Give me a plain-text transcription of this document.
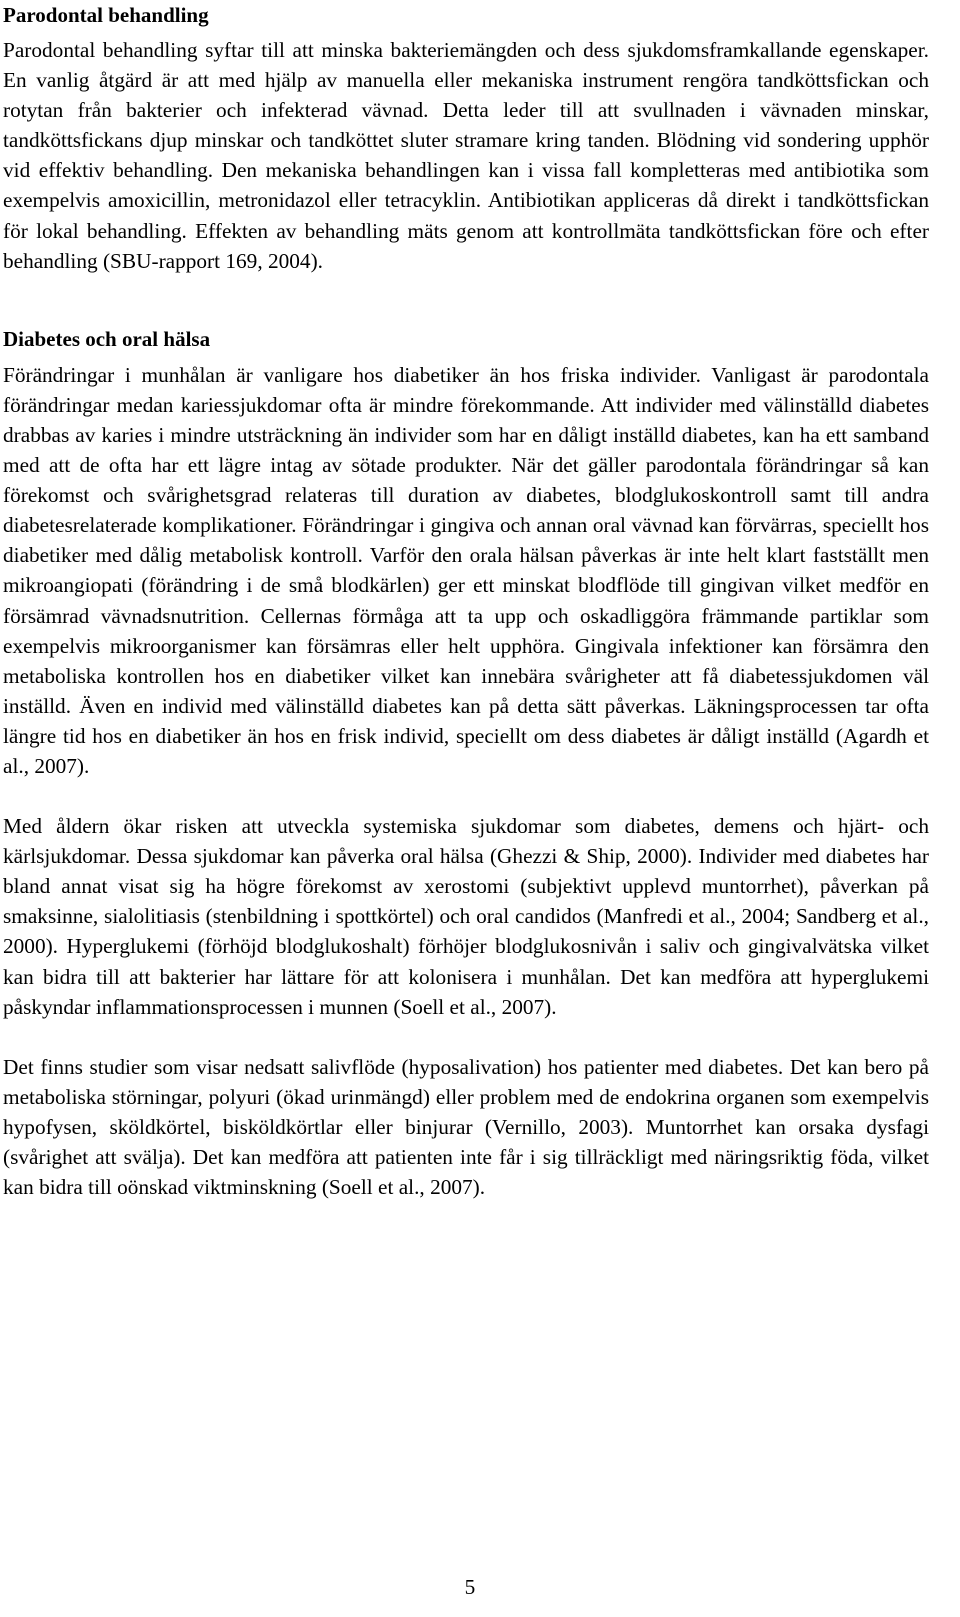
Parodontal behandling

Parodontal behandling syftar till att minska bakteriemängden och dess sjukdomsframkallande egenskaper. En vanlig åtgärd är att med hjälp av manuella eller mekaniska instrument rengöra tandköttsfickan och rotytan från bakterier och infekterad vävnad. Detta leder till att svullnaden i vävnaden minskar, tandköttsfickans djup minskar och tandköttet sluter stramare kring tanden. Blödning vid sondering upphör vid effektiv behandling. Den mekaniska behandlingen kan i vissa fall kompletteras med antibiotika som exempelvis amoxicillin, metronidazol eller tetracyklin. Antibiotikan appliceras då direkt i tandköttsfickan för lokal behandling. Effekten av behandling mäts genom att kontrollmäta tandköttsfickan före och efter behandling (SBU-rapport 169, 2004).

Diabetes och oral hälsa

Förändringar i munhålan är vanligare hos diabetiker än hos friska individer. Vanligast är parodontala förändringar medan kariessjukdomar ofta är mindre förekommande. Att individer med välinställd diabetes drabbas av karies i mindre utsträckning än individer som har en dåligt inställd diabetes, kan ha ett samband med att de ofta har ett lägre intag av sötade produkter. När det gäller parodontala förändringar så kan förekomst och svårighetsgrad relateras till duration av diabetes, blodglukoskontroll samt till andra diabetesrelaterade komplikationer. Förändringar i gingiva och annan oral vävnad kan förvärras, speciellt hos diabetiker med dålig metabolisk kontroll. Varför den orala hälsan påverkas är inte helt klart fastställt men mikroangiopati (förändring i de små blodkärlen) ger ett minskat blodflöde till gingivan vilket medför en försämrad vävnadsnutrition. Cellernas förmåga att ta upp och oskadliggöra främmande partiklar som exempelvis mikroorganismer kan försämras eller helt upphöra. Gingivala infektioner kan försämra den metaboliska kontrollen hos en diabetiker vilket kan innebära svårigheter att få diabetessjukdomen väl inställd. Även en individ med välinställd diabetes kan på detta sätt påverkas. Läkningsprocessen tar ofta längre tid hos en diabetiker än hos en frisk individ, speciellt om dess diabetes är dåligt inställd (Agardh et al., 2007).

Med åldern ökar risken att utveckla systemiska sjukdomar som diabetes, demens och hjärt- och kärlsjukdomar. Dessa sjukdomar kan påverka oral hälsa (Ghezzi & Ship, 2000). Individer med diabetes har bland annat visat sig ha högre förekomst av xerostomi (subjektivt upplevd muntorrhet), påverkan på smaksinne, sialolitiasis (stenbildning i spottkörtel) och oral candidos (Manfredi et al., 2004; Sandberg et al., 2000). Hyperglukemi (förhöjd blodglukoshalt) förhöjer blodglukosnivån i saliv och gingivalvätska vilket kan bidra till att bakterier har lättare för att kolonisera i munhålan. Det kan medföra att hyperglukemi påskyndar inflammationsprocessen i munnen (Soell et al., 2007).

Det finns studier som visar nedsatt salivflöde (hyposalivation) hos patienter med diabetes. Det kan bero på metaboliska störningar, polyuri (ökad urinmängd) eller problem med de endokrina organen som exempelvis hypofysen, sköldkörtel, bisköldkörtlar eller binjurar (Vernillo, 2003). Muntorrhet kan orsaka dysfagi (svårighet att svälja). Det kan medföra att patienten inte får i sig tillräckligt med näringsriktig föda, vilket kan bidra till oönskad viktminskning (Soell et al., 2007).

5
